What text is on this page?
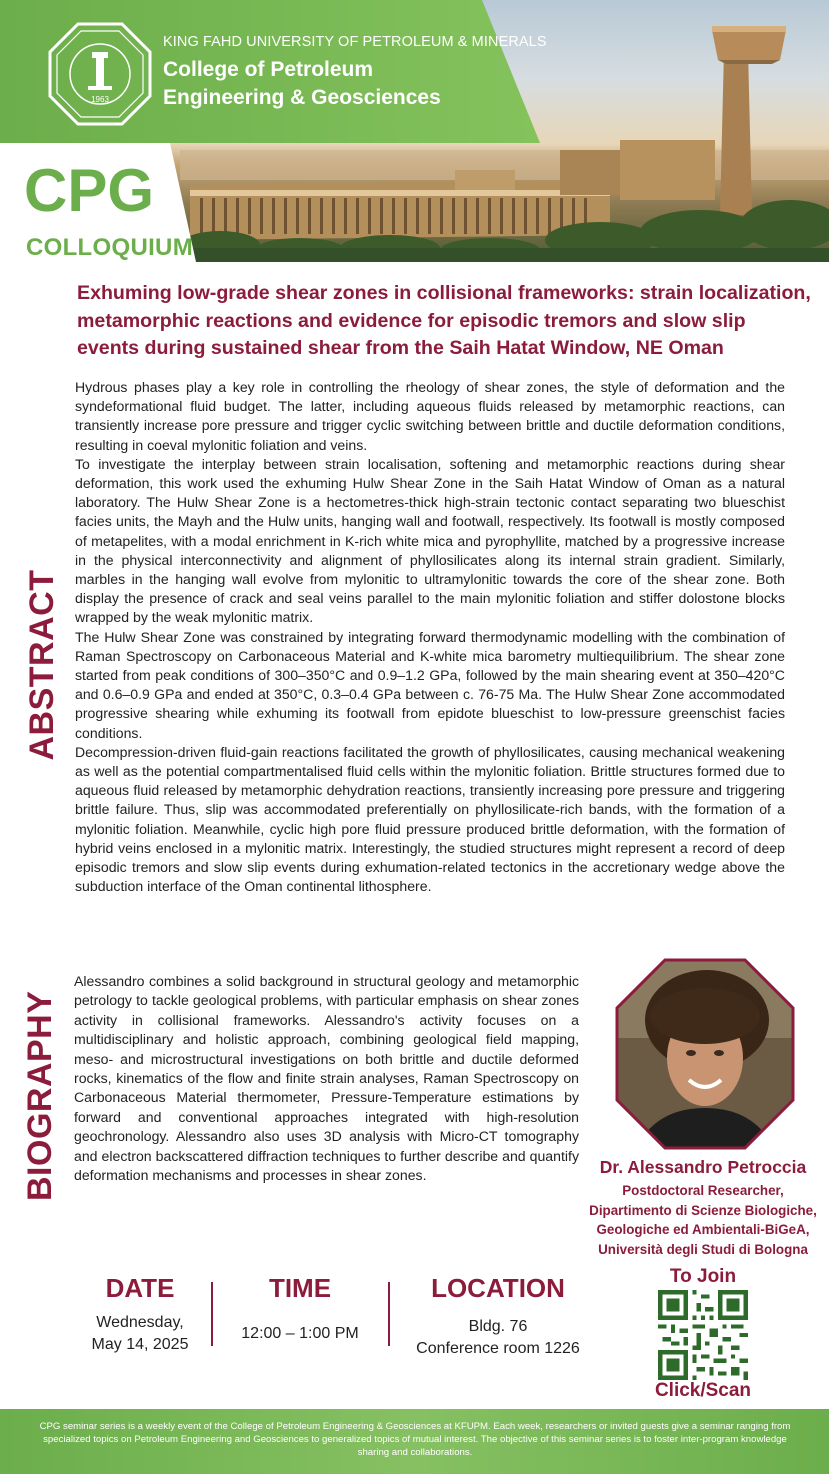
1963
KING FAHD UNIVERSITY OF PETROLEUM & MINERALS
College of Petroleum
Engineering & Geosciences
CPG
COLLOQUIUM
Exhuming low-grade shear zones in collisional frameworks: strain localization, metamorphic reactions and evidence for episodic tremors and slow slip events during sustained shear from the Saih Hatat Window, NE Oman
ABSTRACT

Hydrous phases play a key role in controlling the rheology of shear zones, the style of deformation and the syndeformational fluid budget. The latter, including aqueous fluids released by metamorphic reactions, can transiently increase pore pressure and trigger cyclic switching between brittle and ductile deformation conditions, resulting in coeval mylonitic foliation and veins.

To investigate the interplay between strain localisation, softening and metamorphic reactions during shear deformation, this work used the exhuming Hulw Shear Zone in the Saih Hatat Window of Oman as a natural laboratory. The Hulw Shear Zone is a hectometres-thick high-strain tectonic contact separating two blueschist facies units, the Mayh and the Hulw units, hanging wall and footwall, respectively. Its footwall is mostly composed of metapelites, with a modal enrichment in K-rich white mica and pyrophyllite, matched by a progressive increase in the physical interconnectivity and alignment of phyllosilicates along its internal strain gradient. Similarly, marbles in the hanging wall evolve from mylonitic to ultramylonitic towards the core of the shear zone. Both display the presence of crack and seal veins parallel to the main mylonitic foliation and stiffer dolostone blocks wrapped by the weak mylonitic matrix.

The Hulw Shear Zone was constrained by integrating forward thermodynamic modelling with the combination of Raman Spectroscopy on Carbonaceous Material and K-white mica barometry multiequilibrium. The shear zone started from peak conditions of 300–350°C and 0.9–1.2 GPa, followed by the main shearing event at 350–420°C and 0.6–0.9 GPa and ended at 350°C, 0.3–0.4 GPa between c. 76-75 Ma. The Hulw Shear Zone accommodated progressive shearing while exhuming its footwall from epidote blueschist to low-pressure greenschist facies conditions.

Decompression-driven fluid-gain reactions facilitated the growth of phyllosilicates, causing mechanical weakening as well as the potential compartmentalised fluid cells within the mylonitic foliation. Brittle structures formed due to aqueous fluid released by metamorphic dehydration reactions, transiently increasing pore pressure and triggering brittle failure. Thus, slip was accommodated preferentially on phyllosilicate-rich bands, with the formation of a mylonitic foliation. Meanwhile, cyclic high pore fluid pressure produced brittle deformation, with the formation of hybrid veins enclosed in a mylonitic matrix. Interestingly, the studied structures might represent a record of deep episodic tremors and slow slip events during exhumation-related tectonics in the accretionary wedge above the subduction interface of the Oman continental lithosphere.

BIOGRAPHY
Alessandro combines a solid background in structural geology and metamorphic petrology to tackle geological problems, with particular emphasis on shear zones activity in collisional frameworks. Alessandro's activity focuses on a multidisciplinary and holistic approach, combining geological field mapping, meso- and microstructural investigations on both brittle and ductile deformed rocks, kinematics of the flow and finite strain analyses, Raman Spectroscopy on Carbonaceous Material thermometer, Pressure-Temperature estimations by forward and conventional approaches integrated with high-resolution geochronology. Alessandro also uses 3D analysis with Micro-CT tomography and electron backscattered diffraction techniques to further describe and quantify deformation mechanisms and processes in shear zones.	Dr. Alessandro Petroccia
Postdoctoral Researcher,
Dipartimento di Scienze Biologiche,
Geologiche ed Ambientali-BiGeA,
Università degli Studi di Bologna
DATE
Wednesday,
May 14, 2025
TIME
12:00 – 1:00 PM
LOCATION
Bldg. 76
Conference room 1226
To Join
Click/Scan
CPG seminar series is a weekly event of the College of Petroleum Engineering & Geosciences at KFUPM. Each week, researchers or invited guests give a seminar ranging from specialized topics on Petroleum Engineering and Geosciences to generalized topics of mutual interest. The objective of this seminar series is to foster inter-program knowledge sharing and collaborations.
